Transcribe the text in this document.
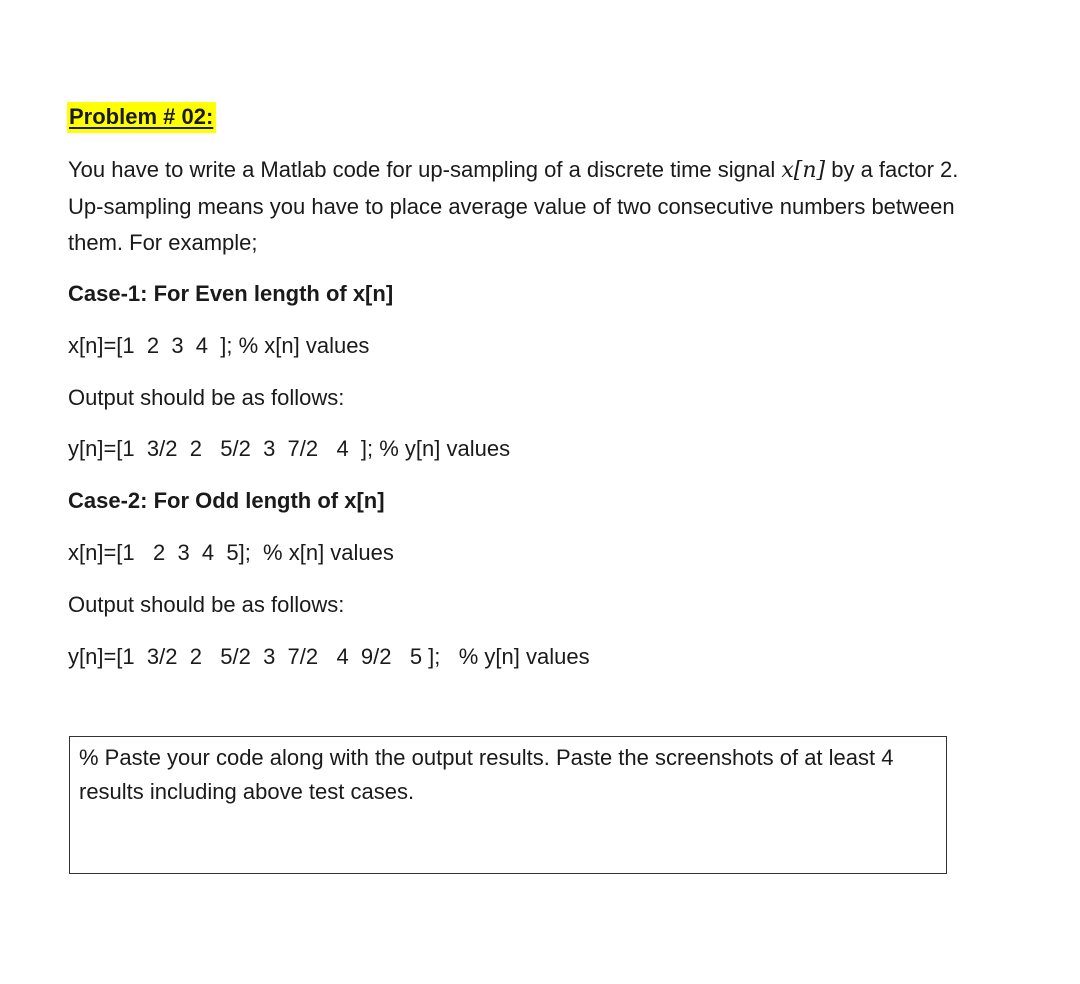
Problem # 02:
You have to write a Matlab code for up-sampling of a discrete time signal x[n] by a factor 2. Up-sampling means you have to place average value of two consecutive numbers between them. For example;
Case-1: For Even length of x[n]
x[n]=[1  2  3  4  ]; % x[n] values
Output should be as follows:
y[n]=[1  3/2  2   5/2  3  7/2   4  ]; % y[n] values
Case-2: For Odd length of x[n]
x[n]=[1   2  3  4  5];  % x[n] values
Output should be as follows:
y[n]=[1  3/2  2   5/2  3  7/2   4  9/2   5 ];   % y[n] values
% Paste your code along with the output results. Paste the screenshots of at least 4 results including above test cases.
